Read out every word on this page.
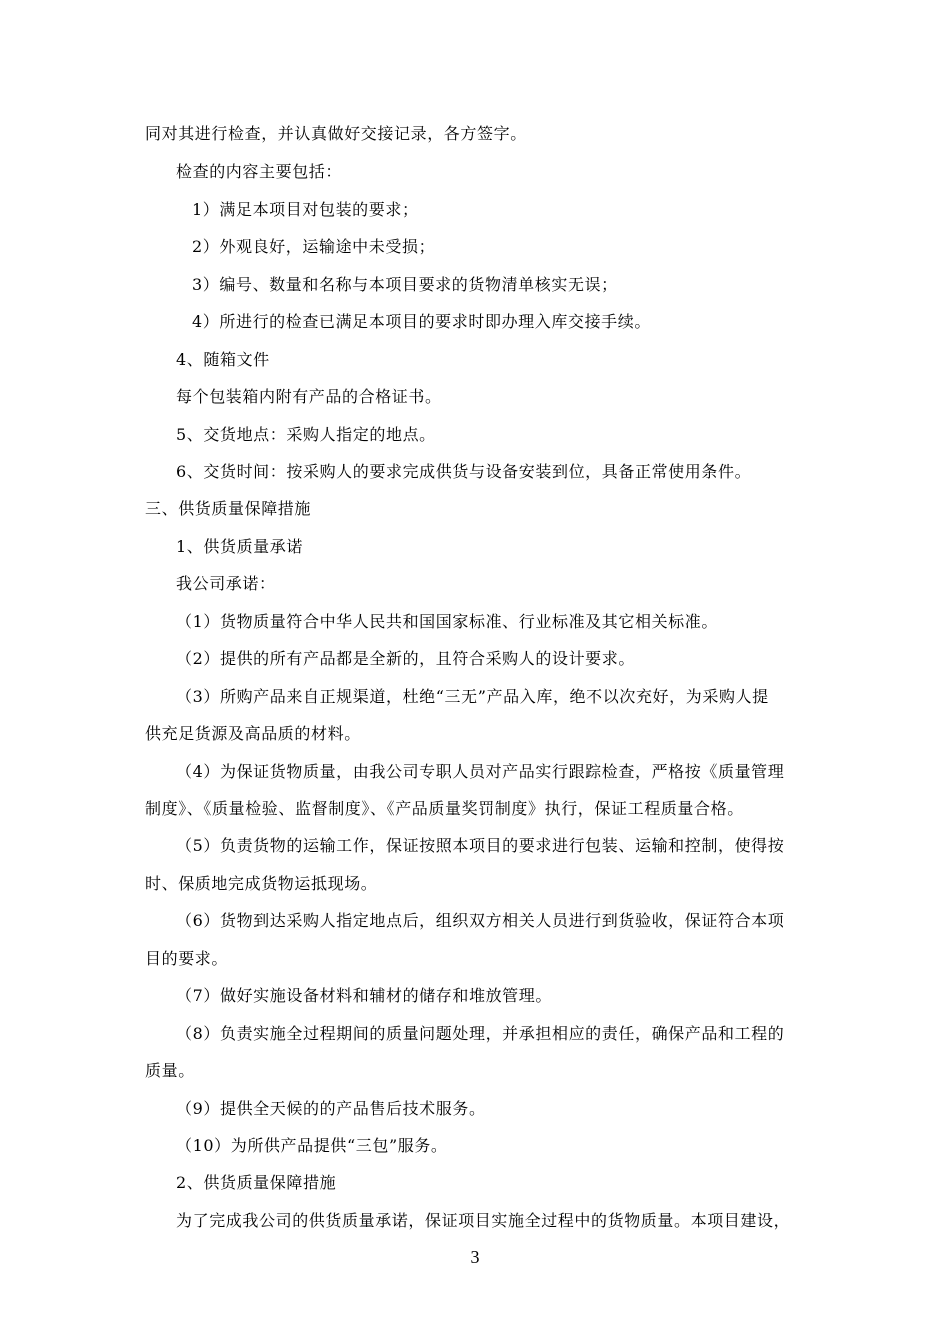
同对其进行检查，并认真做好交接记录，各方签字。
检查的内容主要包括：
1）满足本项目对包装的要求；
2）外观良好，运输途中未受损；
3）编号、数量和名称与本项目要求的货物清单核实无误；
4）所进行的检查已满足本项目的要求时即办理入库交接手续。
4、随箱文件
每个包装箱内附有产品的合格证书。
5、交货地点：采购人指定的地点。
6、交货时间：按采购人的要求完成供货与设备安装到位，具备正常使用条件。
三、供货质量保障措施
1、供货质量承诺
我公司承诺：
（1）货物质量符合中华人民共和国国家标准、行业标准及其它相关标准。
（2）提供的所有产品都是全新的，且符合采购人的设计要求。
（3）所购产品来自正规渠道，杜绝“三无”产品入库，绝不以次充好，为采购人提
供充足货源及高品质的材料。
（4）为保证货物质量，由我公司专职人员对产品实行跟踪检查，严格按《质量管理
制度》、《质量检验、监督制度》、《产品质量奖罚制度》执行，保证工程质量合格。
（5）负责货物的运输工作，保证按照本项目的要求进行包装、运输和控制，使得按
时、保质地完成货物运抵现场。
（6）货物到达采购人指定地点后，组织双方相关人员进行到货验收，保证符合本项
目的要求。
（7）做好实施设备材料和辅材的储存和堆放管理。
（8）负责实施全过程期间的质量问题处理，并承担相应的责任，确保产品和工程的
质量。
（9）提供全天候的的产品售后技术服务。
（10）为所供产品提供“三包”服务。
2、供货质量保障措施
为了完成我公司的供货质量承诺，保证项目实施全过程中的货物质量。本项目建设，
3
